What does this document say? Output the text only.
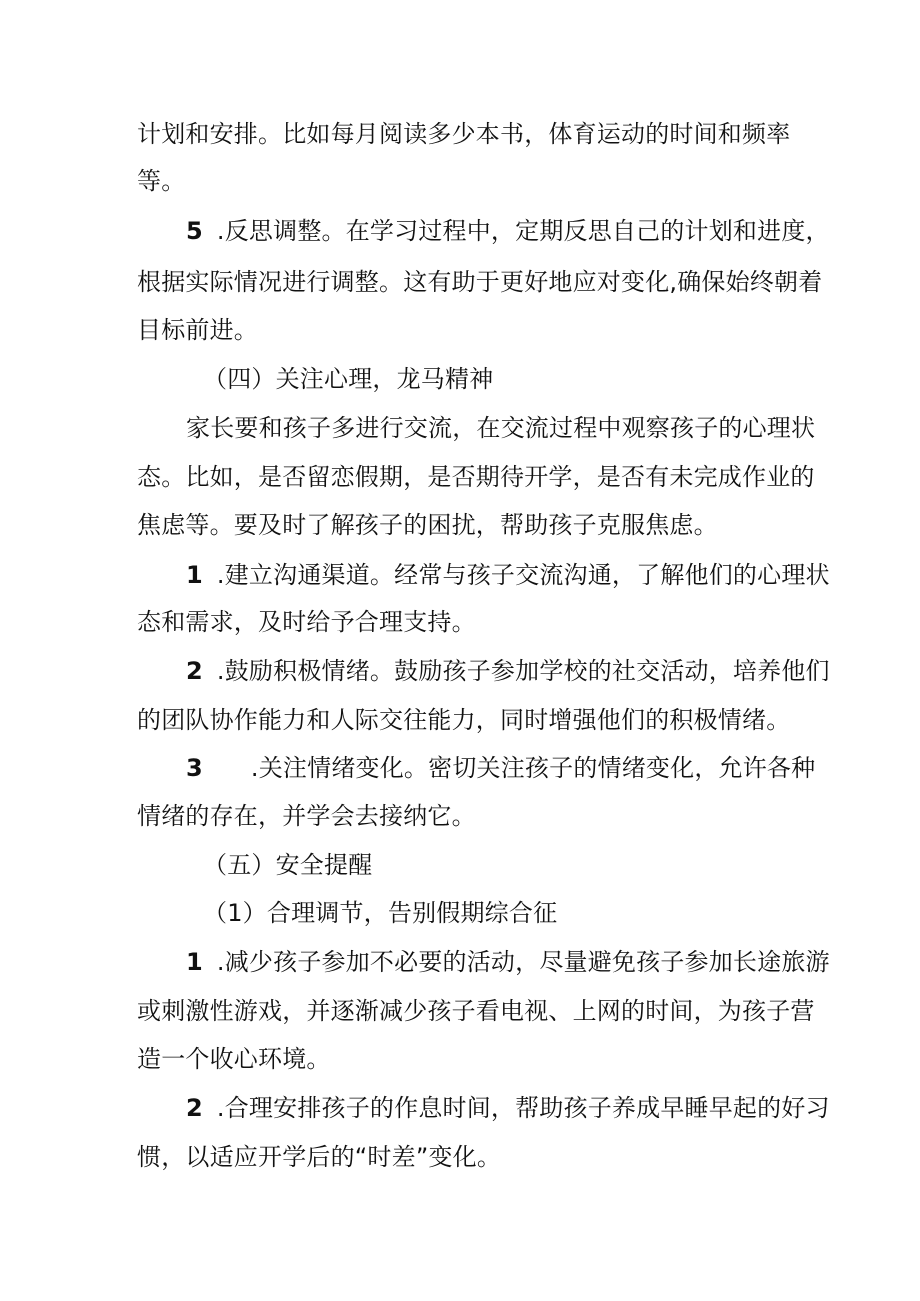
计划和安排。比如每月阅读多少本书，体育运动的时间和频率
等。
5 .反思调整。在学习过程中，定期反思自己的计划和进度，
根据实际情况进行调整。这有助于更好地应对变化,确保始终朝着
目标前进。
（四）关注心理，龙马精神
家长要和孩子多进行交流，在交流过程中观察孩子的心理状
态。比如，是否留恋假期，是否期待开学，是否有未完成作业的
焦虑等。要及时了解孩子的困扰，帮助孩子克服焦虑。
1 .建立沟通渠道。经常与孩子交流沟通，了解他们的心理状
态和需求，及时给予合理支持。
2 .鼓励积极情绪。鼓励孩子参加学校的社交活动，培养他们
的团队协作能力和人际交往能力，同时增强他们的积极情绪。
3 .关注情绪变化。密切关注孩子的情绪变化，允许各种
情绪的存在，并学会去接纳它。
（五）安全提醒
（1）合理调节，告别假期综合征
1 .减少孩子参加不必要的活动，尽量避免孩子参加长途旅游
或刺激性游戏，并逐渐减少孩子看电视、上网的时间，为孩子营
造一个收心环境。
2 .合理安排孩子的作息时间，帮助孩子养成早睡早起的好习
惯，以适应开学后的“时差”变化。
